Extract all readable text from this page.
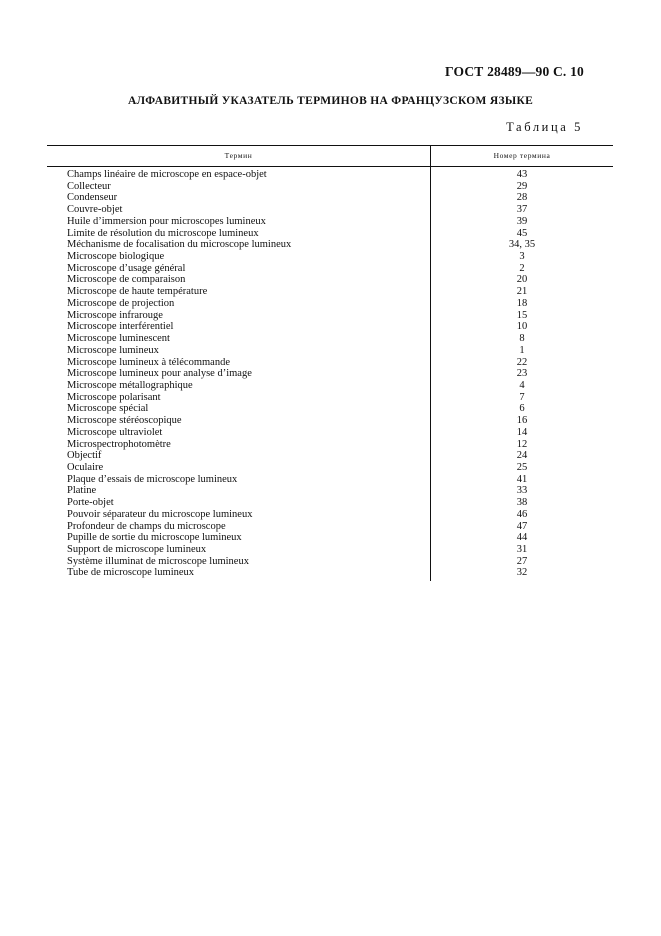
ГОСТ 28489—90 С. 10
АЛФАВИТНЫЙ УКАЗАТЕЛЬ ТЕРМИНОВ НА ФРАНЦУЗСКОМ ЯЗЫКЕ
Таблица 5
Термин	Номер термина
Champs linéaire de microscope en espace-objet	43
Collecteur	29
Condenseur	28
Couvre-objet	37
Huile d’immersion pour microscopes lumineux	39
Limite de résolution du microscope lumineux	45
Méchanisme de focalisation du microscope lumineux	34, 35
Microscope biologique	3
Microscope d’usage général	2
Microscope de comparaison	20
Microscope de haute température	21
Microscope de projection	18
Microscope infrarouge	15
Microscope interférentiel	10
Microscope luminescent	8
Microscope lumineux	1
Microscope lumineux à télécommande	22
Microscope lumineux pour analyse d’image	23
Microscope métallographique	4
Microscope polarisant	7
Microscope spécial	6
Microscope stéréoscopique	16
Microscope ultraviolet	14
Microspectrophotomètre	12
Objectif	24
Oculaire	25
Plaque d’essais de microscope lumineux	41
Platine	33
Porte-objet	38
Pouvoir séparateur du microscope lumineux	46
Profondeur de champs du microscope	47
Pupille de sortie du microscope lumineux	44
Support de microscope lumineux	31
Système illuminat de microscope lumineux	27
Tube de microscope lumineux	32
